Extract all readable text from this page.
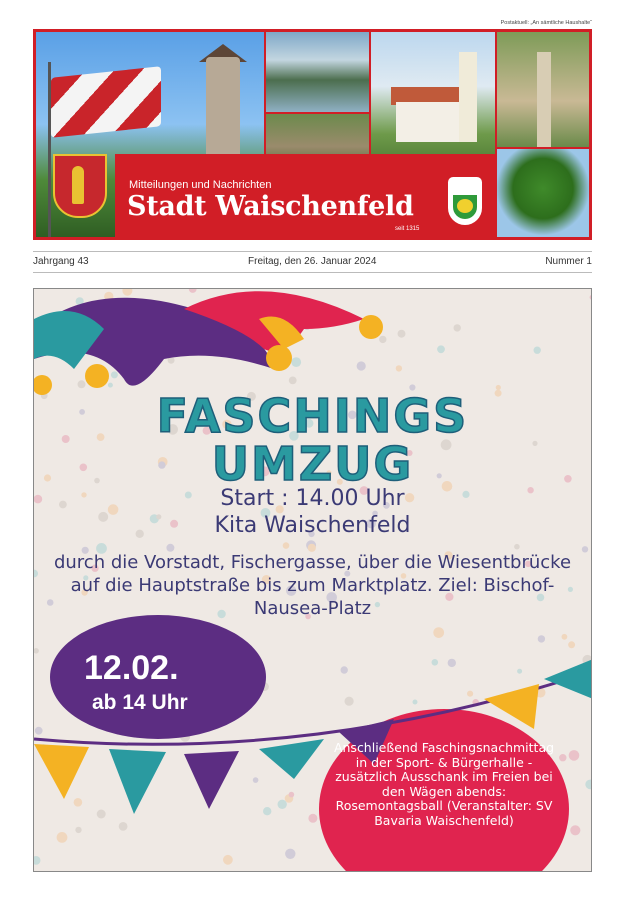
Postaktuell: „An sämtliche Haushalte“
Mitteilungen und Nachrichten
Stadt Waischenfeld
seit 1315
Jahrgang 43	Freitag, den 26. Januar 2024	Nummer 1
FASCHINGS
UMZUG
Start : 14.00 Uhr
Kita Waischenfeld
durch die Vorstadt, Fischergasse, über die Wiesentbrücke auf die Hauptstraße bis zum Marktplatz. Ziel: Bischof-Nausea-Platz
12.02.
ab 14 Uhr
Anschließend Faschingsnachmittag in der Sport- & Bürgerhalle - zusätzlich Ausschank im Freien bei den Wägen abends: Rosemontagsball (Veranstalter: SV Bavaria Waischenfeld)
